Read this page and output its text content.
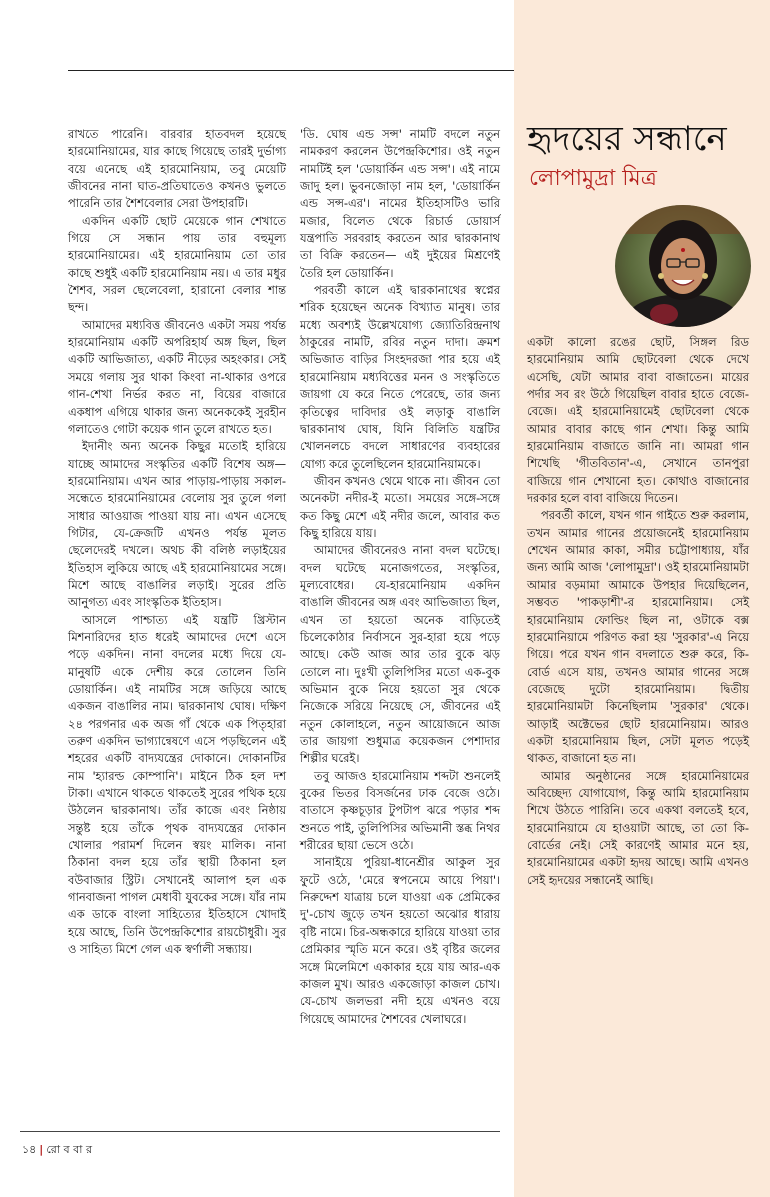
হৃদয়ের সন্ধানে
লোপামুদ্রা মিত্র

রাখতে পারেনি। বারবার হাতবদল হয়েছে হারমোনিয়ামের, যার কাছে গিয়েছে তারই দুর্ভাগ্য বয়ে এনেছে এই হারমোনিয়াম, তবু মেয়েটি জীবনের নানা ঘাত-প্রতিঘাতেও কখনও ভুলতে পারেনি তার শৈশবেলার সেরা উপহারটি।

একদিন একটি ছোট মেয়েকে গান শেখাতে গিয়ে সে সন্ধান পায় তার বহুমূল্য হারমোনিয়ামের। এই হারমোনিয়াম তো তার কাছে শুধুই একটি হারমোনিয়াম নয়। এ তার মধুর শৈশব, সরল ছেলেবেলা, হারানো বেলার শান্ত ছন্দ।

আমাদের মধ্যবিত্ত জীবনেও একটা সময় পর্যন্ত হারমোনিয়াম একটি অপরিহার্য অঙ্গ ছিল, ছিল একটি আভিজাত্য, একটি নীড়ের অহংকার। সেই সময়ে গলায় সুর থাকা কিংবা না-থাকার ওপরে গান-শেখা নির্ভর করত না, বিয়ের বাজারে একধাপ এগিয়ে থাকার জন্য অনেককেই সুরহীন গলাতেও গোটা কয়েক গান তুলে রাখতে হত।

ইদানীং অন্য অনেক কিছুর মতোই হারিয়ে যাচ্ছে আমাদের সংস্কৃতির একটি বিশেষ অঙ্গ— হারমোনিয়াম। এখন আর পাড়ায়-পাড়ায় সকাল-সন্ধেতে হারমোনিয়ামের বেলোয় সুর তুলে গলা সাধার আওয়াজ পাওয়া যায় না। এখন এসেছে গিটার, যে-ক্রেজটি এখনও পর্যন্ত মূলত ছেলেদেরই দখলে। অথচ কী বলিষ্ঠ লড়াইয়ের ইতিহাস লুকিয়ে আছে এই হারমোনিয়ামের সঙ্গে। মিশে আছে বাঙালির লড়াই। সুরের প্রতি আনুগত্য এবং সাংস্কৃতিক ইতিহাস।

আসলে পাশ্চাত্য এই যন্ত্রটি খ্রিস্টান মিশনারিদের হাত ধরেই আমাদের দেশে এসে পড়ে একদিন। নানা বদলের মধ্যে দিয়ে যে-মানুষটি একে দেশীয় করে তোলেন তিনি ডোয়ার্কিন। এই নামটির সঙ্গে জড়িয়ে আছে একজন বাঙালির নাম। দ্বারকানাথ ঘোষ। দক্ষিণ ২৪ পরগনার এক অজ গাঁ থেকে এক পিতৃহারা তরুণ একদিন ভাগ্যান্বেষণে এসে পড়ছিলেন এই শহরের একটি বাদ্যযন্ত্রের দোকানে। দোকানটির নাম 'হ্যারল্ড কোম্পানি'। মাইনে ঠিক হল দশ টাকা। এখানে থাকতে থাকতেই সুরের পথিক হয়ে উঠলেন দ্বারকানাথ। তাঁর কাজে এবং নিষ্ঠায় সন্তুষ্ট হয়ে তাঁকে পৃথক বাদ্যযন্ত্রের দোকান খোলার পরামর্শ দিলেন স্বয়ং মালিক। নানা ঠিকানা বদল হয়ে তাঁর স্থায়ী ঠিকানা হল বউবাজার স্ট্রিট। সেখানেই আলাপ হল এক গানবাজনা পাগল মেধাবী যুবকের সঙ্গে। যাঁর নাম এক ডাকে বাংলা সাহিত্যের ইতিহাসে খোদাই হয়ে আছে, তিনি উপেন্দ্রকিশোর রায়চৌধুরী। সুর ও সাহিত্য মিশে গেল এক স্বর্ণালী সন্ধ্যায়।

'ডি. ঘোষ এন্ড সন্স' নামটি বদলে নতুন নামকরণ করলেন উপেন্দ্রকিশোর। ওই নতুন নামটিই হল 'ডোয়ার্কিন এন্ড সন্স'। এই নামে জাদু হল। ভুবনজোড়া নাম হল, 'ডোয়ার্কিন এন্ড সন্স-এর'। নামের ইতিহাসটিও ভারি মজার, বিলেত থেকে রিচার্ড ডোয়ার্স যন্ত্রপাতি সরবরাহ করতেন আর দ্বারকানাথ তা বিক্রি করতেন— এই দুইয়ের মিশ্রণেই তৈরি হল ডোয়ার্কিন।

পরবর্তী কালে এই দ্বারকানাথের স্বপ্নের শরিক হয়েছেন অনেক বিখ্যাত মানুষ। তার মধ্যে অবশ্যই উল্লেখযোগ্য জ্যোতিরিন্দ্রনাথ ঠাকুরের নামটি, রবির নতুন দাদা। ক্রমশ অভিজাত বাড়ির সিংহদরজা পার হয়ে এই হারমোনিয়াম মধ্যবিত্তের মনন ও সংস্কৃতিতে জায়গা যে করে নিতে পেরেছে, তার জন্য কৃতিত্বের দাবিদার ওই লড়াকু বাঙালি দ্বারকানাথ ঘোষ, যিনি বিলিতি যন্ত্রটির খোলনলচে বদলে সাধারণের ব্যবহারের যোগ্য করে তুলেছিলেন হারমোনিয়ামকে।

জীবন কখনও থেমে থাকে না। জীবন তো অনেকটা নদীর-ই মতো। সময়ের সঙ্গে-সঙ্গে কত কিছু মেশে এই নদীর জলে, আবার কত কিছু হারিয়ে যায়।

আমাদের জীবনেরও নানা বদল ঘটেছে। বদল ঘটেছে মনোজগতের, সংস্কৃতির, মূল্যবোধের। যে-হারমোনিয়াম একদিন বাঙালি জীবনের অঙ্গ এবং আভিজাত্য ছিল, এখন তা হয়তো অনেক বাড়িতেই চিলেকোঠার নির্বাসনে সুর-হারা হয়ে পড়ে আছে। কেউ আজ আর তার বুকে ঝড় তোলে না। দুঃখী তুলিপিসির মতো এক-বুক অভিমান বুকে নিয়ে হয়তো সুর থেকে নিজেকে সরিয়ে নিয়েছে সে, জীবনের এই নতুন কোলাহলে, নতুন আয়োজনে আজ তার জায়গা শুধুমাত্র কয়েকজন পেশাদার শিল্পীর ঘরেই।

তবু আজও হারমোনিয়াম শব্দটা শুনলেই বুকের ভিতর বিসর্জনের ঢাক বেজে ওঠে। বাতাসে কৃষ্ণচূড়ার টুপটাপ ঝরে পড়ার শব্দ শুনতে পাই, তুলিপিসির অভিমানী স্তব্ধ নিথর শরীরের ছায়া ভেসে ওঠে।

সানাইয়ে পুরিয়া-ধানেশ্রীর আকুল সুর ফুটে ওঠে, 'মেরে স্বপনেমে আয়ে পিয়া'। নিরুদ্দেশ যাত্রায় চলে যাওয়া এক প্রেমিকের দু'-চোখ জুড়ে তখন হয়তো অঝোর ধারায় বৃষ্টি নামে। চির-অন্ধকারে হারিয়ে যাওয়া তার প্রেমিকার স্মৃতি মনে করে। ওই বৃষ্টির জলের সঙ্গে মিলেমিশে একাকার হয়ে যায় আর-এক কাজল মুখ। আরও একজোড়া কাজল চোখ। যে-চোখ জলভরা নদী হয়ে এখনও বয়ে গিয়েছে আমাদের শৈশবের খেলাঘরে।

একটা কালো রঙের ছোট, সিঙ্গল রিড হারমোনিয়াম আমি ছোটবেলা থেকে দেখে এসেছি, যেটা আমার বাবা বাজাতেন। মায়ের পর্দার সব রং উঠে গিয়েছিল বাবার হাতে বেজে-বেজে। এই হারমোনিয়ামেই ছোটবেলা থেকে আমার বাবার কাছে গান শেখা। কিন্তু আমি হারমোনিয়াম বাজাতে জানি না। আমরা গান শিখেছি 'গীতবিতান'-এ, সেখানে তানপুরা বাজিয়ে গান শেখানো হত। কোথাও বাজানোর দরকার হলে বাবা বাজিয়ে দিতেন।

পরবর্তী কালে, যখন গান গাইতে শুরু করলাম, তখন আমার গানের প্রয়োজনেই হারমোনিয়াম শেখেন আমার কাকা, সমীর চট্টোপাধ্যায়, যাঁর জন্য আমি আজ 'লোপামুদ্রা'। ওই হারমোনিয়ামটা আমার বড়মামা আমাকে উপহার দিয়েছিলেন, সম্ভবত 'পাকড়াশী'-র হারমোনিয়াম। সেই হারমোনিয়াম ফোল্ডিং ছিল না, ওটাকে বক্স হারমোনিয়ামে পরিণত করা হয় 'সুরকার'-এ নিয়ে গিয়ে। পরে যখন গান বদলাতে শুরু করে, কি-বোর্ড এসে যায়, তখনও আমার গানের সঙ্গে বেজেছে দুটো হারমোনিয়াম। দ্বিতীয় হারমোনিয়ামটা কিনেছিলাম 'সুরকার' থেকে। আড়াই অক্টেভের ছোট হারমোনিয়াম। আরও একটা হারমোনিয়াম ছিল, সেটা মূলত পড়েই থাকত, বাজানো হত না।

আমার অনুষ্ঠানের সঙ্গে হারমোনিয়ামের অবিচ্ছেদ্য যোগাযোগ, কিন্তু আমি হারমোনিয়াম শিখে উঠতে পারিনি। তবে একথা বলতেই হবে, হারমোনিয়ামে যে হাওয়াটা আছে, তা তো কি-বোর্ডের নেই। সেই কারণেই আমার মনে হয়, হারমোনিয়ামের একটা হৃদয় আছে। আমি এখনও সেই হৃদয়ের সন্ধানেই আছি।

১৪ | রো ব বা র
